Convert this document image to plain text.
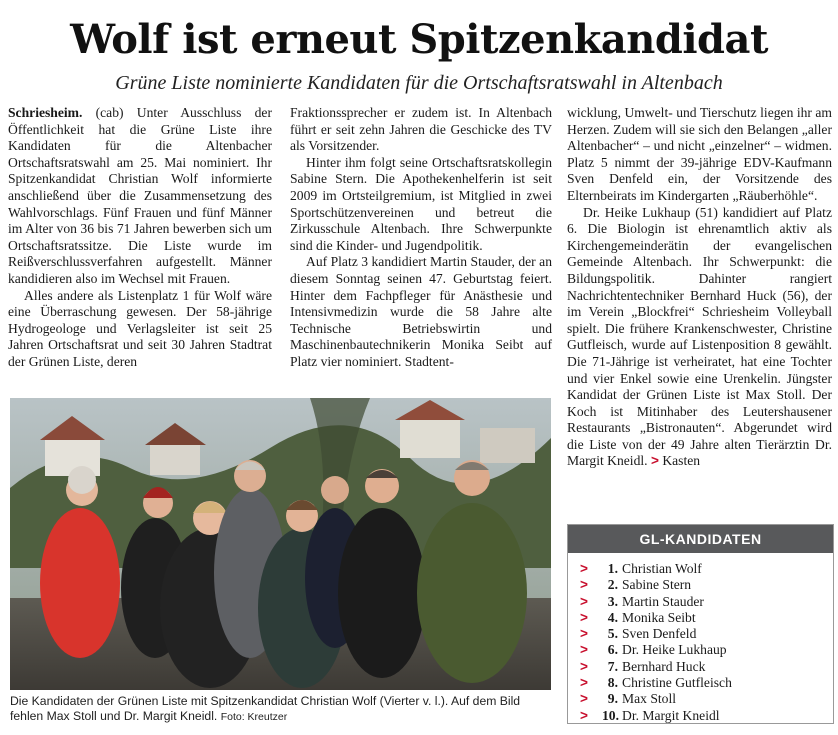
Wolf ist erneut Spitzenkandidat
Grüne Liste nominierte Kandidaten für die Ortschaftsratswahl in Altenbach

Schriesheim. (cab) Unter Ausschluss der Öffentlichkeit hat die Grüne Liste ihre Kandidaten für die Altenbacher Ortschaftsratswahl am 25. Mai nominiert. Ihr Spitzenkandidat Christian Wolf informierte anschließend über die Zusammensetzung des Wahlvorschlags. Fünf Frauen und fünf Männer im Alter von 36 bis 71 Jahren bewerben sich um Ortschaftsratssitze. Die Liste wurde im Reißverschlussverfahren aufgestellt. Männer kandidieren also im Wechsel mit Frauen.

Alles andere als Listenplatz 1 für Wolf wäre eine Überraschung gewesen. Der 58-jährige Hydrogeologe und Verlagsleiter ist seit 25 Jahren Ortschaftsrat und seit 30 Jahren Stadtrat der Grünen Liste, deren

Fraktionssprecher er zudem ist. In Altenbach führt er seit zehn Jahren die Geschicke des TV als Vorsitzender.

Hinter ihm folgt seine Ortschaftsratskollegin Sabine Stern. Die Apothekenhelferin ist seit 2009 im Ortsteilgremium, ist Mitglied in zwei Sportschützenvereinen und betreut die Zirkusschule Altenbach. Ihre Schwerpunkte sind die Kinder- und Jugendpolitik.

Auf Platz 3 kandidiert Martin Stauder, der an diesem Sonntag seinen 47. Geburtstag feiert. Hinter dem Fachpfleger für Anästhesie und Intensivmedizin wurde die 58 Jahre alte Technische Betriebswirtin und Maschinenbautechnikerin Monika Seibt auf Platz vier nominiert. Stadtent-

wicklung, Umwelt- und Tierschutz liegen ihr am Herzen. Zudem will sie sich den Belangen „aller Altenbacher“ – und nicht „einzelner“ – widmen. Platz 5 nimmt der 39-jährige EDV-Kaufmann Sven Denfeld ein, der Vorsitzende des Elternbeirats im Kindergarten „Räuberhöhle“.

Dr. Heike Lukhaup (51) kandidiert auf Platz 6. Die Biologin ist ehrenamtlich aktiv als Kirchengemeinderätin der evangelischen Gemeinde Altenbach. Ihr Schwerpunkt: die Bildungspolitik. Dahinter rangiert Nachrichtentechniker Bernhard Huck (56), der im Verein „Blockfrei“ Schriesheim Volleyball spielt. Die frühere Krankenschwester, Christine Gutfleisch, wurde auf Listenposition 8 gewählt. Die 71-Jährige ist verheiratet, hat eine Tochter und vier Enkel sowie eine Urenkelin. Jüngster Kandidat der Grünen Liste ist Max Stoll. Der Koch ist Mitinhaber des Leutershausener Restaurants „Bistronauten“. Abgerundet wird die Liste von der 49 Jahre alten Tierärztin Dr. Margit Kneidl. > Kasten

Die Kandidaten der Grünen Liste mit Spitzenkandidat Christian Wolf (Vierter v. l.). Auf dem Bild fehlen Max Stoll und Dr. Margit Kneidl. Foto: Kreutzer
GL-KANDIDATEN
> 1. Christian Wolf
> 2. Sabine Stern
> 3. Martin Stauder
> 4. Monika Seibt
> 5. Sven Denfeld
> 6. Dr. Heike Lukhaup
> 7. Bernhard Huck
> 8. Christine Gutfleisch
> 9. Max Stoll
> 10. Dr. Margit Kneidl
